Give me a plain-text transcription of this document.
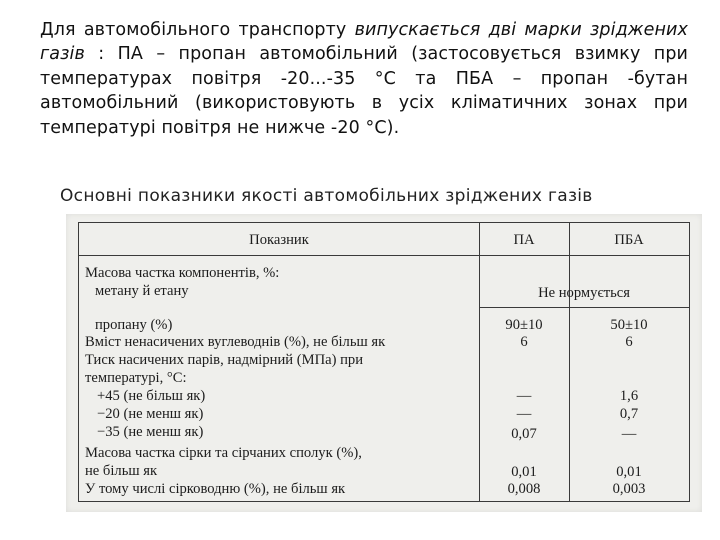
Для автомобільного транспорту випускається дві марки зріджених газів : ПА – пропан автомобільний (застосовується взимку при температурах повітря -20...-35 °С та ПБА – пропан -бутан автомобільний (використовують в усіх кліматичних зонах при температурі повітря не нижче -20 °С).
Основні показники якості автомобільних зріджених газів
Показник	ПА	ПБА
Масова частка компонентів, %:
метану й етану	Не нормується
пропану (%)	90±10	50±10
Вміст ненасичених вуглеводнів (%), не більш як	6	6
Тиск насичених парів, надмірний (МПа) при
температурі, °С:
+45 (не більш як)	—	1,6
−20 (не менш як)	—	0,7
−35 (не менш як)	0,07	—
Масова частка сірки та сірчаних сполук (%),
не більш як	0,01	0,01
У тому числі сірководню (%), не більш як	0,008	0,003
